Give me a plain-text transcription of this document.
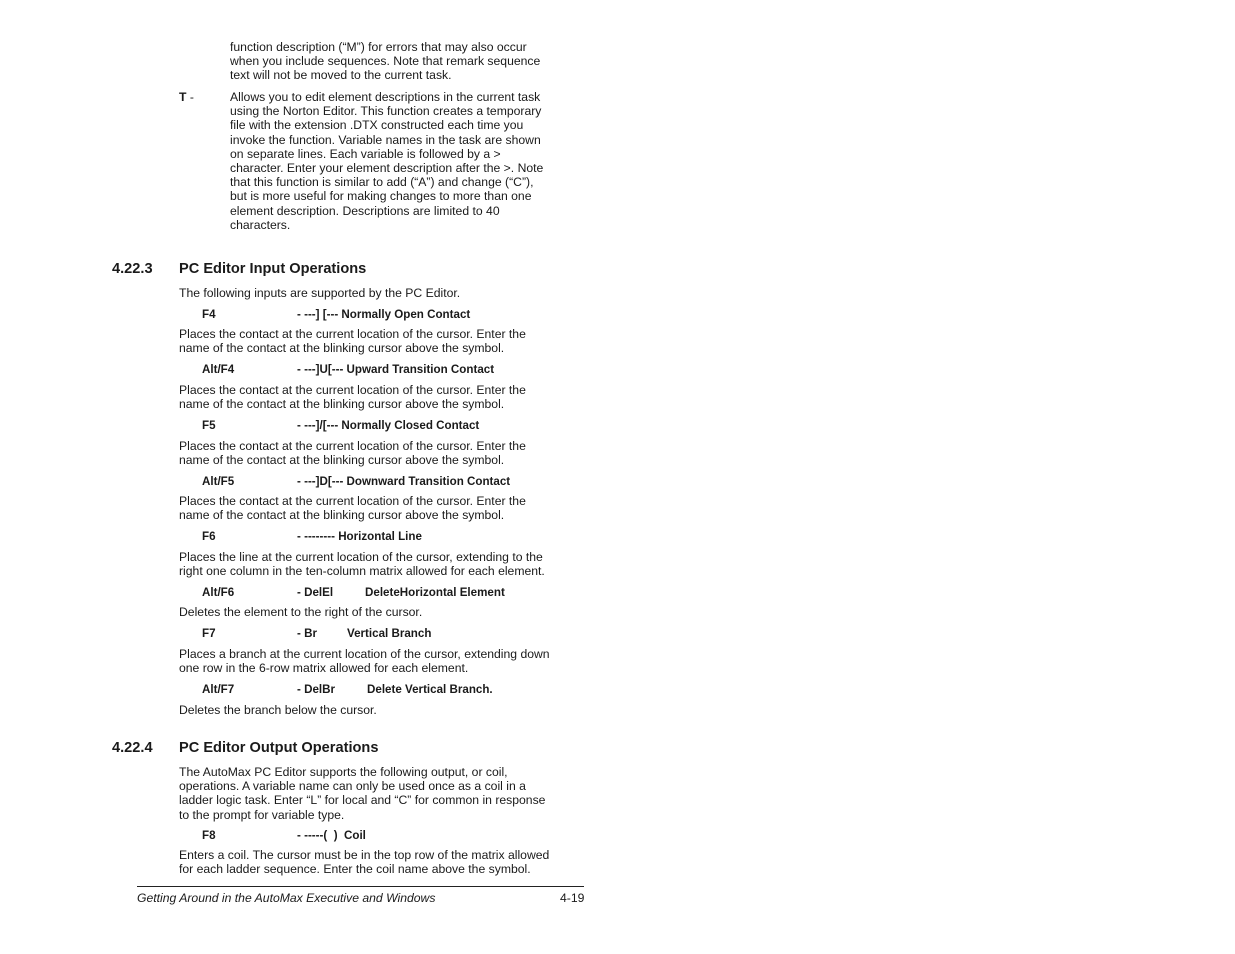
function description (“M”) for errors that may also occur
when you include sequences. Note that remark sequence
text will not be moved to the current task.
T -	Allows you to edit element descriptions in the current task
using the Norton Editor. This function creates a temporary
file with the extension .DTX constructed each time you
invoke the function. Variable names in the task are shown
on separate lines. Each variable is followed by a >
character. Enter your element description after the >. Note
that this function is similar to add (“A”) and change (“C”),
but is more useful for making changes to more than one
element description. Descriptions are limited to 40
characters.
4.22.3 PC Editor Input Operations
The following inputs are supported by the PC Editor.
F4	- ---] [--- Normally Open Contact
Places the contact at the current location of the cursor. Enter the
name of the contact at the blinking cursor above the symbol.
Alt/F4	- ---]U[--- Upward Transition Contact
Places the contact at the current location of the cursor. Enter the
name of the contact at the blinking cursor above the symbol.
F5	- ---]/[--- Normally Closed Contact
Places the contact at the current location of the cursor. Enter the
name of the contact at the blinking cursor above the symbol.
Alt/F5	- ---]D[--- Downward Transition Contact
Places the contact at the current location of the cursor. Enter the
name of the contact at the blinking cursor above the symbol.
F6	- -------- Horizontal Line
Places the line at the current location of the cursor, extending to the
right one column in the ten-column matrix allowed for each element.
Alt/F6	- DelEl	DeleteHorizontal Element
Deletes the element to the right of the cursor.
F7	- Br	Vertical Branch
Places a branch at the current location of the cursor, extending down
one row in the 6-row matrix allowed for each element.
Alt/F7	- DelBr	Delete Vertical Branch.
Deletes the branch below the cursor.
4.22.4 PC Editor Output Operations
The AutoMax PC Editor supports the following output, or coil,
operations. A variable name can only be used once as a coil in a
ladder logic task. Enter “L” for local and “C” for common in response
to the prompt for variable type.
F8	- -----(  )  Coil
Enters a coil. The cursor must be in the top row of the matrix allowed
for each ladder sequence. Enter the coil name above the symbol.
Getting Around in the AutoMax Executive and Windows	4-19
